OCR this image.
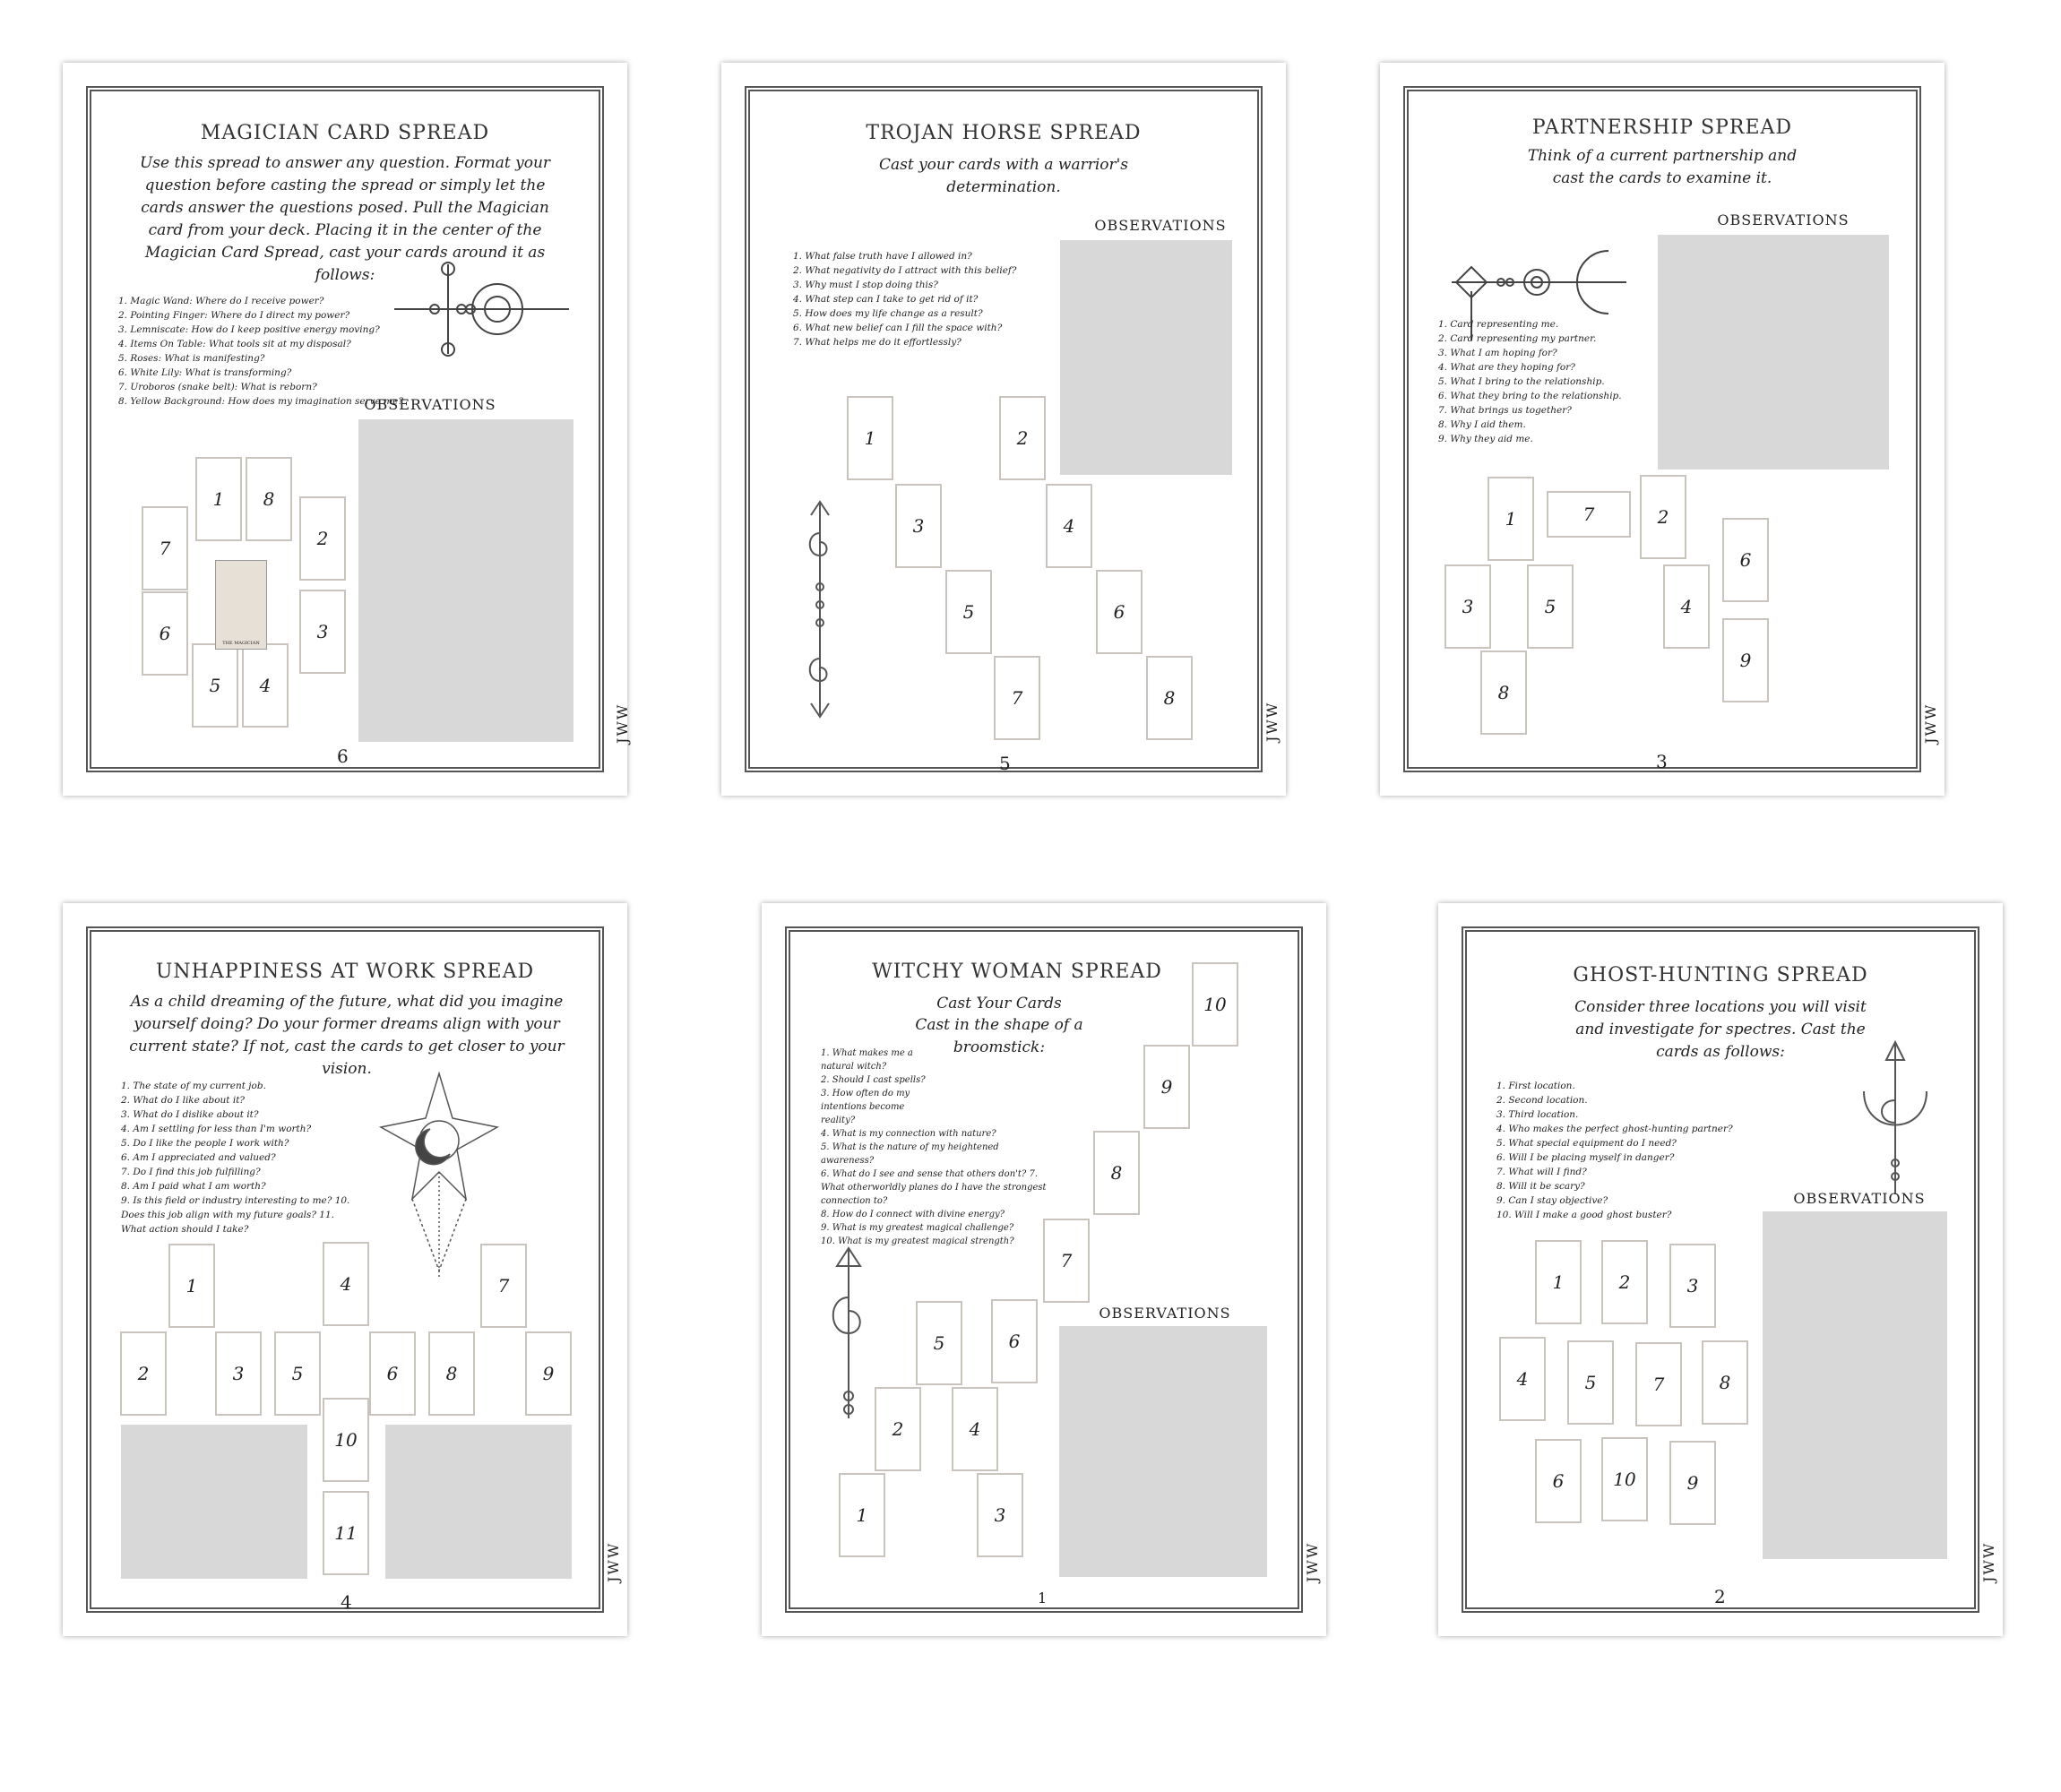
MAGICIAN CARD SPREAD
Use this spread to answer any question. Format your question before casting the spread or simply let the cards answer the questions posed. Pull the Magician card from your deck. Placing it in the center of the Magician Card Spread, cast your cards around it as follows:
1. Magic Wand: Where do I receive power?
2. Pointing Finger: Where do I direct my power?
3. Lemniscate: How do I keep positive energy moving?
4. Items On Table: What tools sit at my disposal?
5. Roses: What is manifesting?
6. White Lily: What is transforming?
7. Uroboros (snake belt): What is reborn?
8. Yellow Background: How does my imagination serve me?
OBSERVATIONS
1	8
7	2
6	3
5	4
THE MAGICIAN
6
JWW
TROJAN HORSE SPREAD
Cast your cards with a warrior's determination.
OBSERVATIONS
1. What false truth have I allowed in?
2. What negativity do I attract with this belief?
3. Why must I stop doing this?
4. What step can I take to get rid of it?
5. How does my life change as a result?
6. What new belief can I fill the space with?
7. What helps me do it effortlessly?
1	2
3	4
5	6
7	8
5
JWW
PARTNERSHIP SPREAD
Think of a current partnership and cast the cards to examine it.
OBSERVATIONS
1. Card representing me.
2. Card representing my partner.
3. What I am hoping for?
4. What are they hoping for?
5. What I bring to the relationship.
6. What they bring to the relationship.
7. What brings us together?
8. Why I aid them.
9. Why they aid me.
1	7	2
6
3	5	4
9
8
3
JWW
UNHAPPINESS AT WORK SPREAD
As a child dreaming of the future, what did you imagine yourself doing? Do your former dreams align with your current state? If not, cast the cards to get closer to your vision.
1. The state of my current job.
2. What do I like about it?
3. What do I dislike about it?
4. Am I settling for less than I'm worth?
5. Do I like the people I work with?
6. Am I appreciated and valued?
7. Do I find this job fulfilling?
8. Am I paid what I am worth?
9. Is this field or industry interesting to me? 10.
Does this job align with my future goals? 11.
What action should I take?
1	4	7
2	3	5	6	8	9
10
11
4
JWW
WITCHY WOMAN SPREAD
Cast Your Cards
Cast in the shape of a broomstick:
10
1. What makes me a
natural witch?
2. Should I cast spells?
3. How often do my
intentions become
reality?
4. What is my connection with nature?
5. What is the nature of my heightened
awareness?
6. What do I see and sense that others don't? 7.
What otherworldly planes do I have the strongest
connection to?
8. How do I connect with divine energy?
9. What is my greatest magical challenge?
10. What is my greatest magical strength?
9
8
7
5	6
OBSERVATIONS
2	4
1	3
1
JWW
GHOST-HUNTING SPREAD
Consider three locations you will visit and investigate for spectres. Cast the cards as follows:
1. First location.
2. Second location.
3. Third location.
4. Who makes the perfect ghost-hunting partner?
5. What special equipment do I need?
6. Will I be placing myself in danger?
7. What will I find?
8. Will it be scary?
9. Can I stay objective?
10. Will I make a good ghost buster?
OBSERVATIONS
1	2	3
4	5	7	8
6	10	9
2
JWW
